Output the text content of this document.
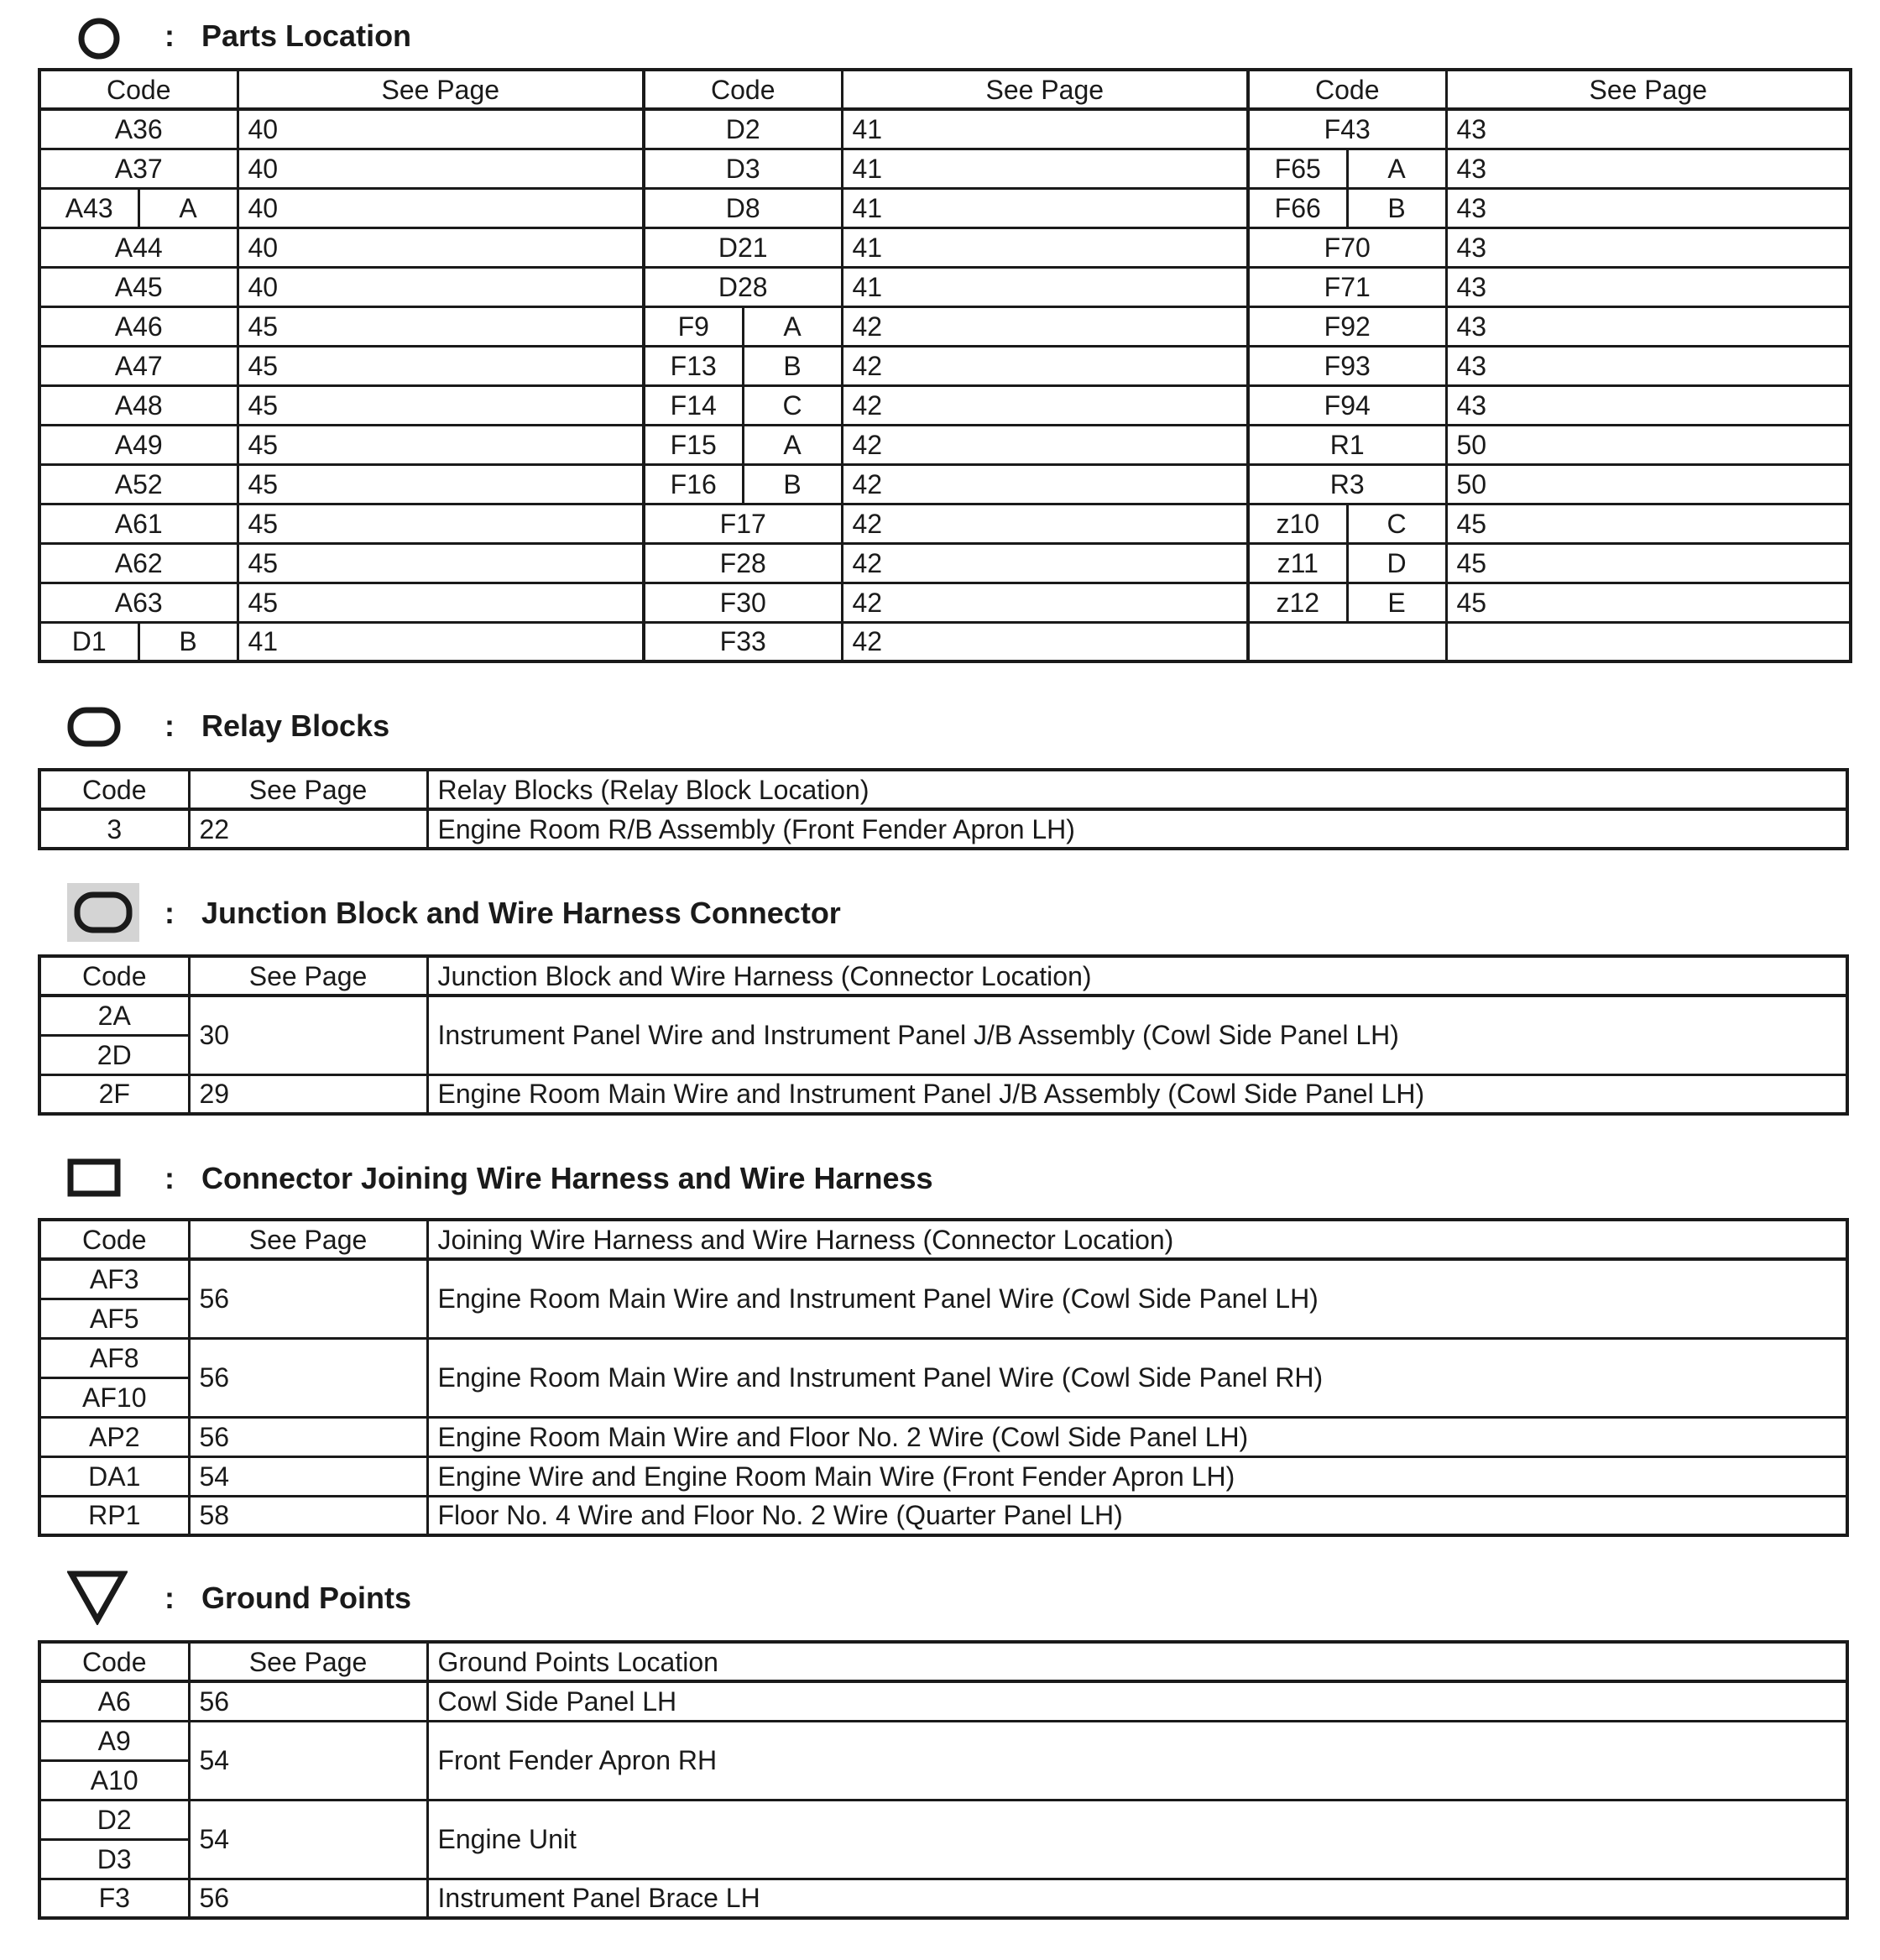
: Parts Location
Code		See Page	Code		See Page	Code		See Page
A36		40	D2		41	F43		43
A37		40	D3		41	F65	A	43
A43	A	40	D8		41	F66	B	43
A44		40	D21		41	F70		43
A45		40	D28		41	F71		43
A46		45	F9	A	42	F92		43
A47		45	F13	B	42	F93		43
A48		45	F14	C	42	F94		43
A49		45	F15	A	42	R1		50
A52		45	F16	B	42	R3		50
A61		45	F17		42	z10	C	45
A62		45	F28		42	z11	D	45
A63		45	F30		42	z12	E	45
D1	B	41	F33		42			
: Relay Blocks
Code	See Page	Relay Blocks (Relay Block Location)
3	22	Engine Room R/B Assembly (Front Fender Apron LH)
: Junction Block and Wire Harness Connector
Code	See Page	Junction Block and Wire Harness (Connector Location)
2A	30	Instrument Panel Wire and Instrument Panel J/B Assembly (Cowl Side Panel LH)
2D		
2F	29	Engine Room Main Wire and Instrument Panel J/B Assembly (Cowl Side Panel LH)
: Connector Joining Wire Harness and Wire Harness
Code	See Page	Joining Wire Harness and Wire Harness (Connector Location)
AF3	56	Engine Room Main Wire and Instrument Panel Wire (Cowl Side Panel LH)
AF5		
AF8	56	Engine Room Main Wire and Instrument Panel Wire (Cowl Side Panel RH)
AF10		
AP2	56	Engine Room Main Wire and Floor No. 2 Wire (Cowl Side Panel LH)
DA1	54	Engine Wire and Engine Room Main Wire (Front Fender Apron LH)
RP1	58	Floor No. 4 Wire and Floor No. 2 Wire (Quarter Panel LH)
: Ground Points
Code	See Page	Ground Points Location
A6	56	Cowl Side Panel LH
A9	54	Front Fender Apron RH
A10		
D2	54	Engine Unit
D3		
F3	56	Instrument Panel Brace LH
